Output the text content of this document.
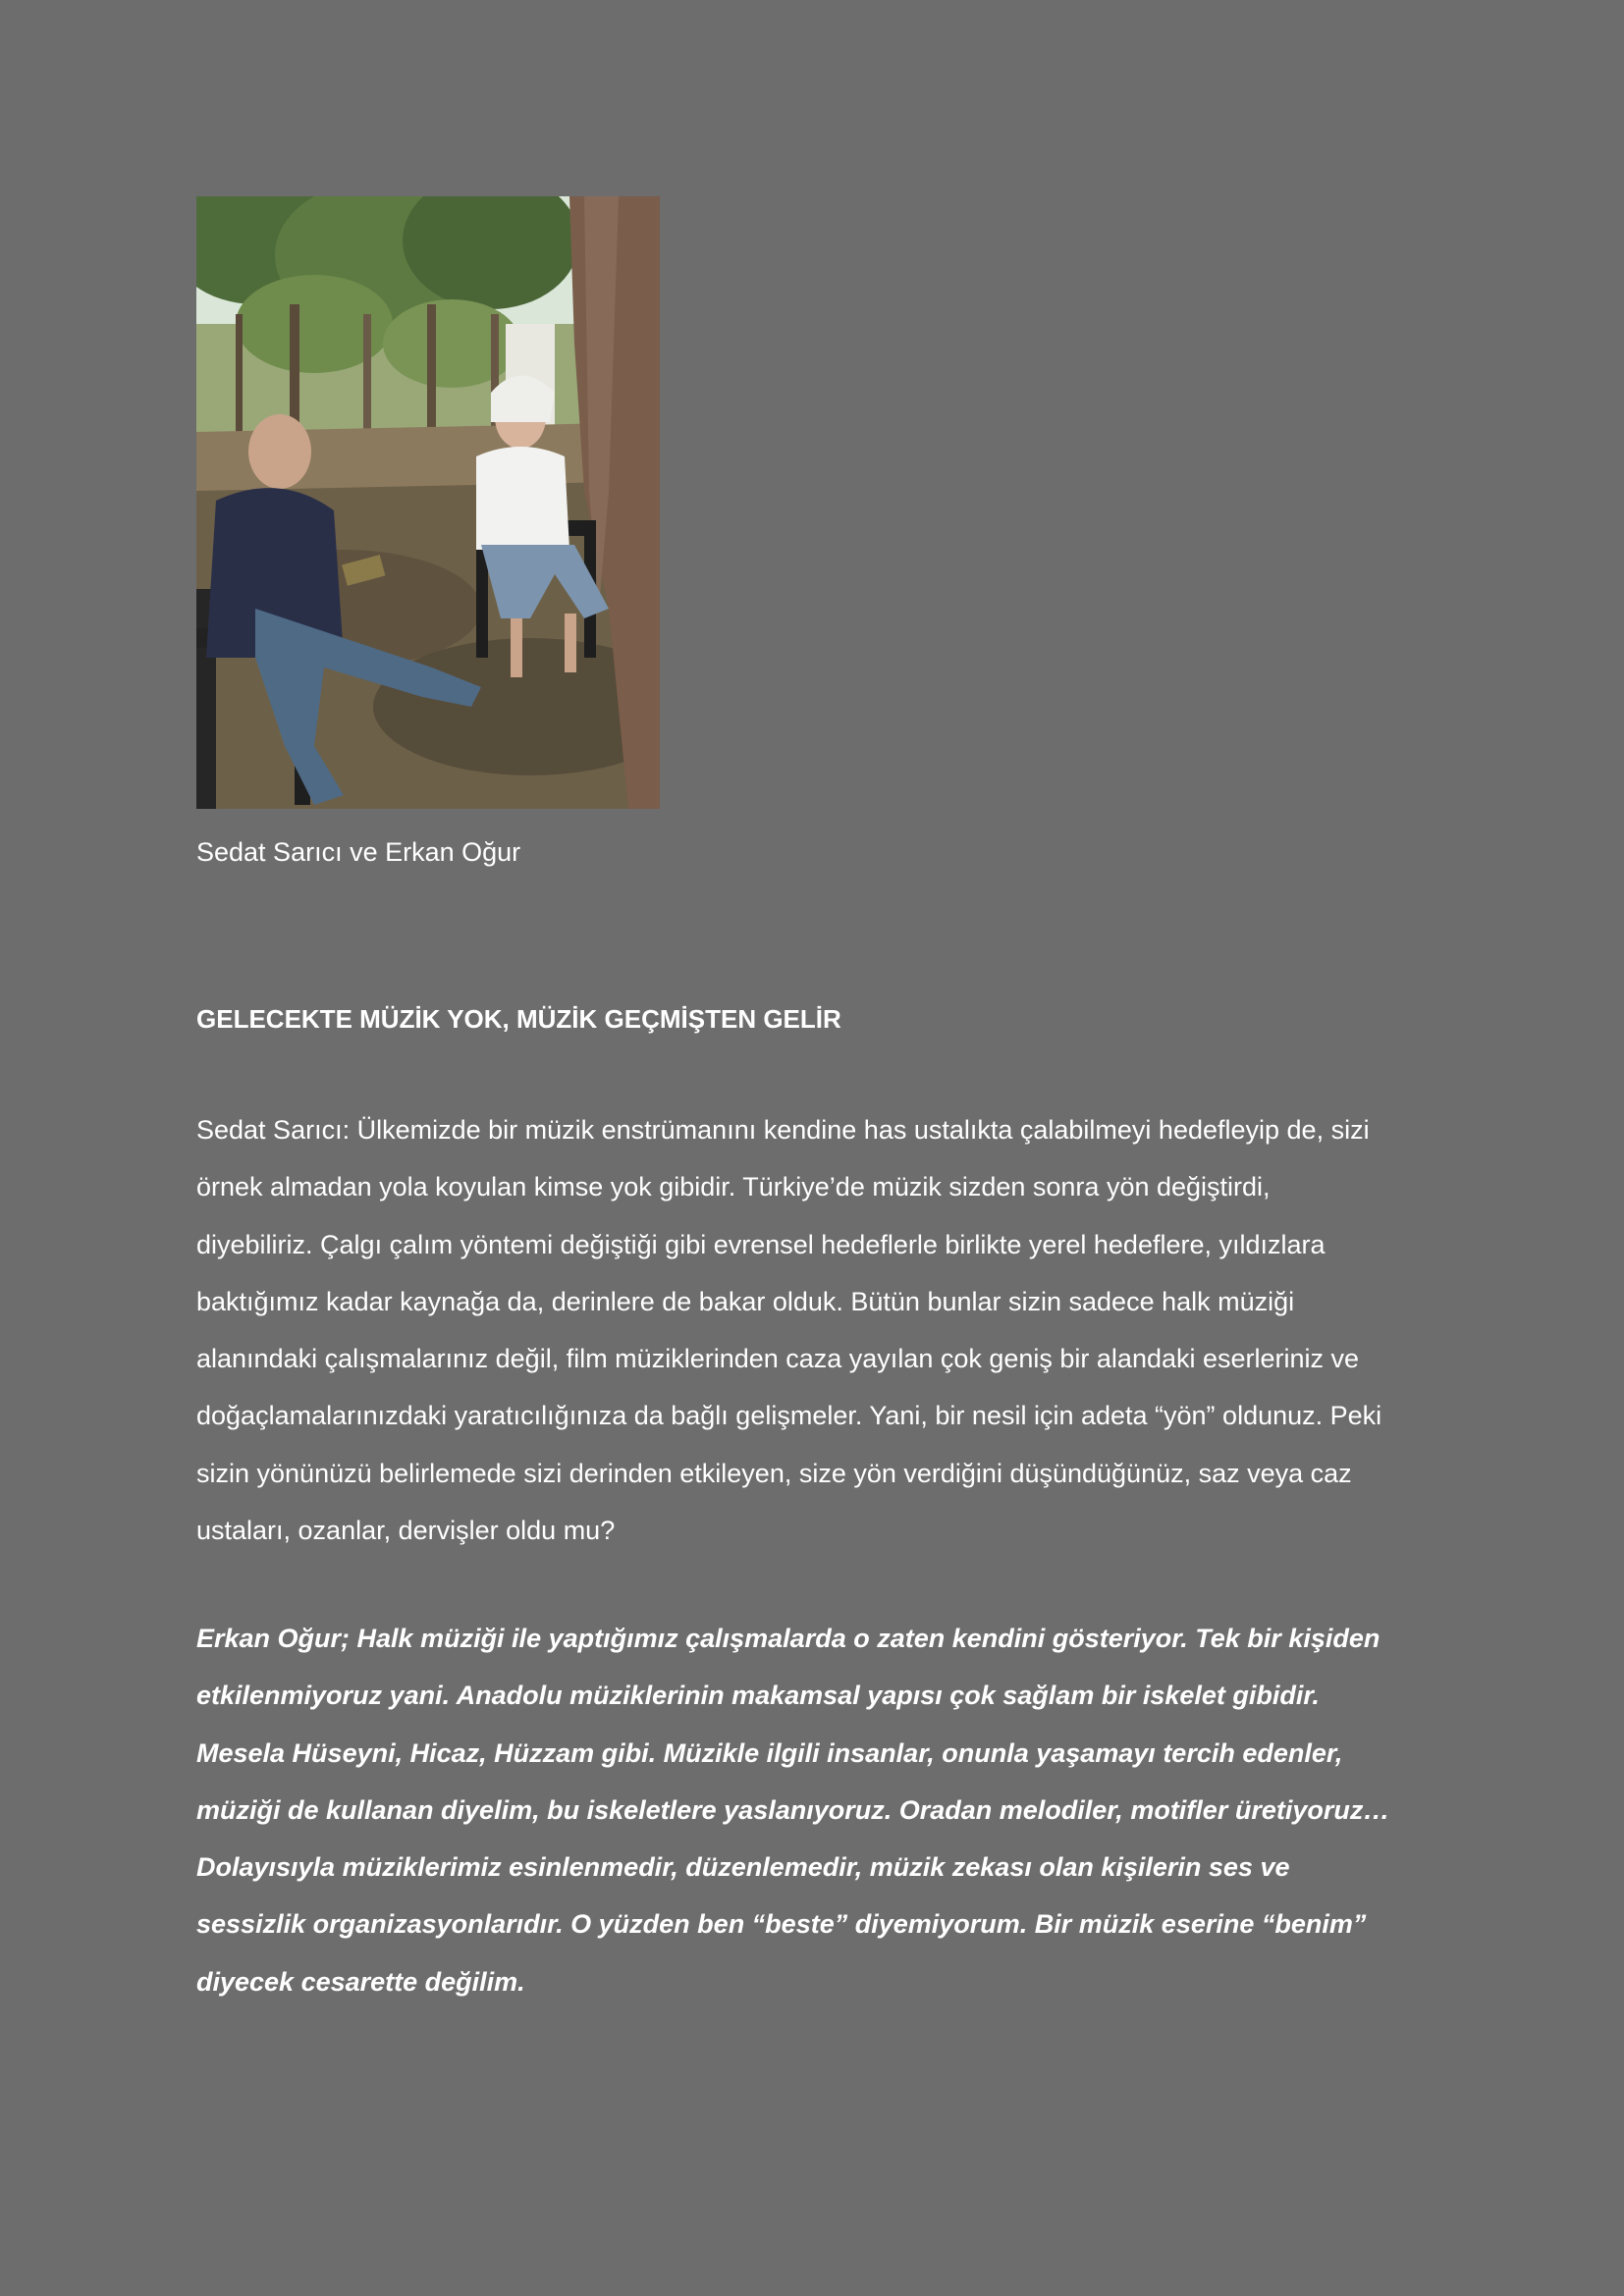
Sedat Sarıcı ve Erkan Oğur
GELECEKTE MÜZİK YOK, MÜZİK GEÇMİŞTEN GELİR
Sedat Sarıcı: Ülkemizde bir müzik enstrümanını kendine has ustalıkta çalabilmeyi hedefleyip de, sizi
örnek almadan yola koyulan kimse yok gibidir. Türkiye’de müzik sizden sonra yön değiştirdi,
diyebiliriz. Çalgı çalım yöntemi değiştiği gibi evrensel hedeflerle birlikte yerel hedeflere, yıldızlara
baktığımız kadar kaynağa da, derinlere de bakar olduk. Bütün bunlar sizin sadece halk müziği
alanındaki çalışmalarınız değil, film müziklerinden caza yayılan çok geniş bir alandaki eserleriniz ve
doğaçlamalarınızdaki yaratıcılığınıza da bağlı gelişmeler. Yani, bir nesil için adeta “yön” oldunuz. Peki
sizin yönünüzü belirlemede sizi derinden etkileyen, size yön verdiğini düşündüğünüz, saz veya caz
ustaları, ozanlar, dervişler oldu mu?
Erkan Oğur; Halk müziği ile yaptığımız çalışmalarda o zaten kendini gösteriyor. Tek bir kişiden
etkilenmiyoruz yani. Anadolu müziklerinin makamsal yapısı çok sağlam bir iskelet gibidir.
Mesela Hüseyni, Hicaz, Hüzzam gibi. Müzikle ilgili insanlar, onunla yaşamayı tercih edenler,
müziği de kullanan diyelim, bu iskeletlere yaslanıyoruz. Oradan melodiler, motifler üretiyoruz…
Dolayısıyla müziklerimiz esinlenmedir, düzenlemedir, müzik zekası olan kişilerin ses ve
sessizlik organizasyonlarıdır. O yüzden ben “beste” diyemiyorum. Bir müzik eserine “benim”
diyecek cesarette değilim.
